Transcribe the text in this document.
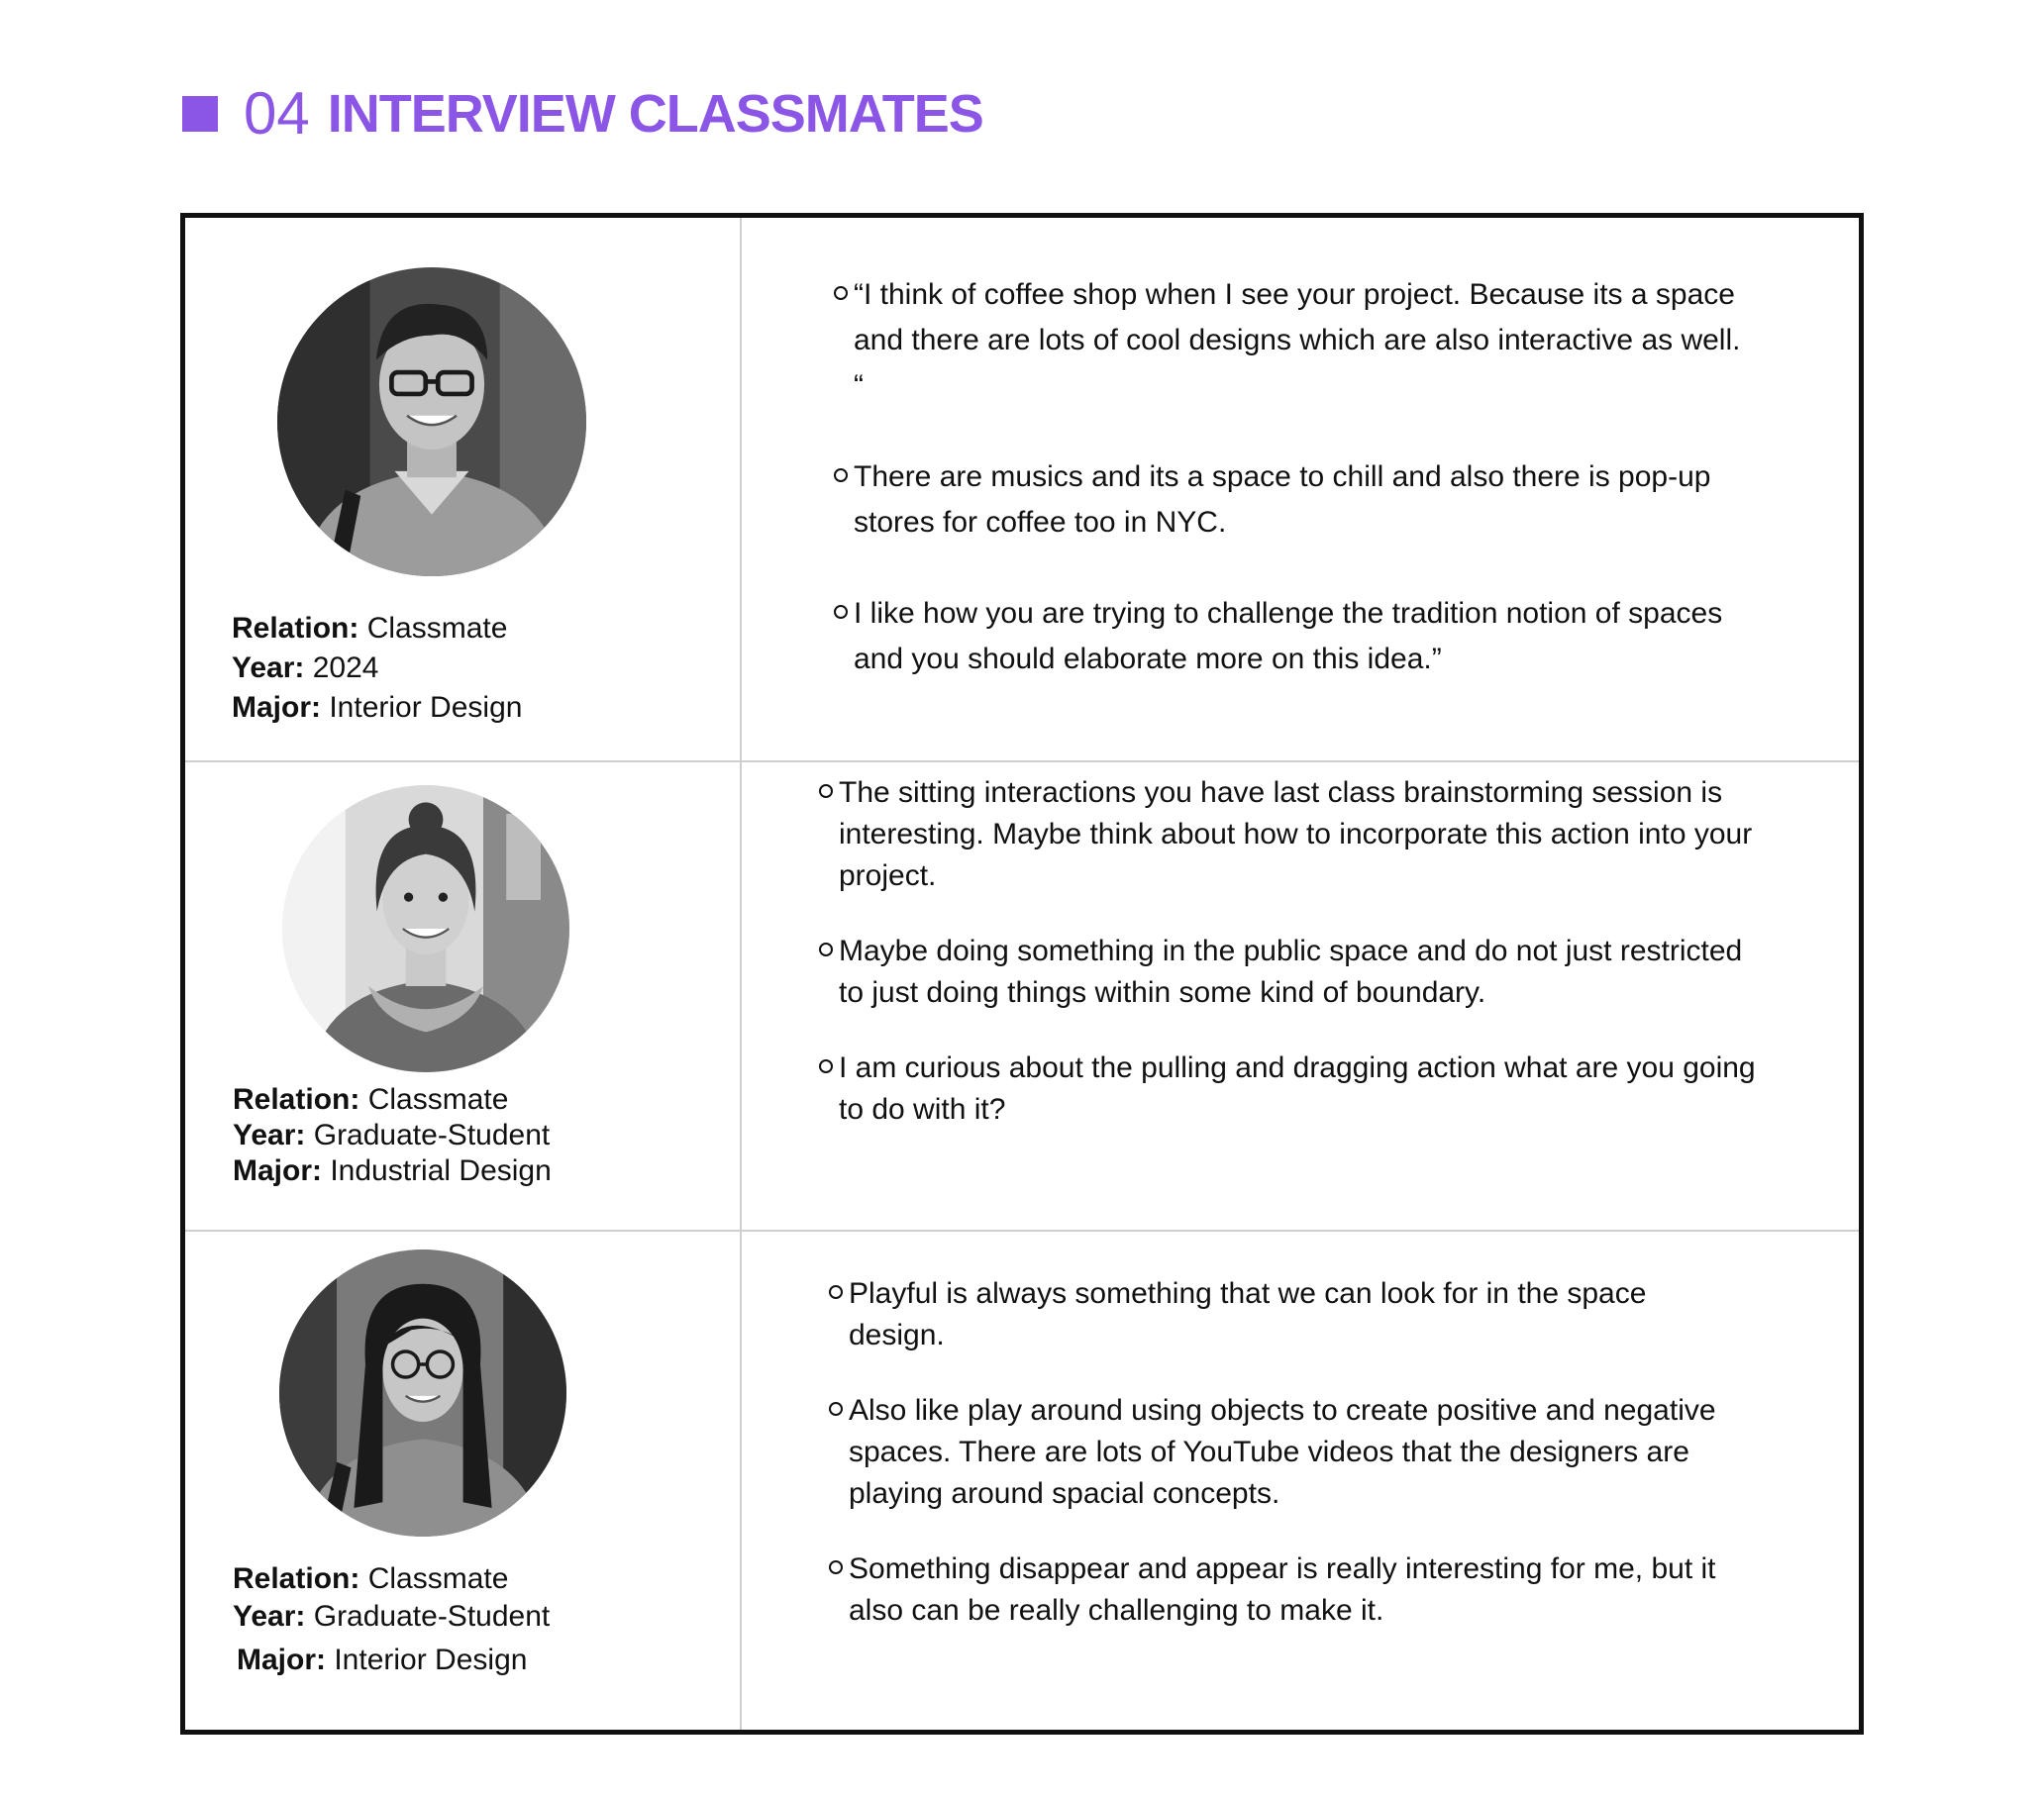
04 INTERVIEW CLASSMATES
Relation: Classmate
Year: 2024
Major: Interior Design
“I think of coffee shop when I see your project. Because its a space and there are lots of cool designs which are also interactive as well. “
There are musics and its a space to chill and also there is pop-up stores for coffee too in NYC.
I like how you are trying to challenge the tradition notion of spaces and you should elaborate more on this idea.”
Relation: Classmate
Year: Graduate-Student
Major: Industrial Design
The sitting interactions you have last class brainstorming session is interesting. Maybe think about how to incorporate this action into your project.
Maybe doing something in the public space and do not just restricted to just doing things within some kind of boundary.
I am curious about the pulling and dragging action what are you going to do with it?
Relation: Classmate
Year: Graduate-Student
Major: Interior Design
Playful is always something that we can look for in the space design.
Also like play around using objects to create positive and negative spaces. There are lots of YouTube videos that the designers are playing around spacial concepts.
Something disappear and appear is really interesting for me, but it also can be really challenging to make it.
